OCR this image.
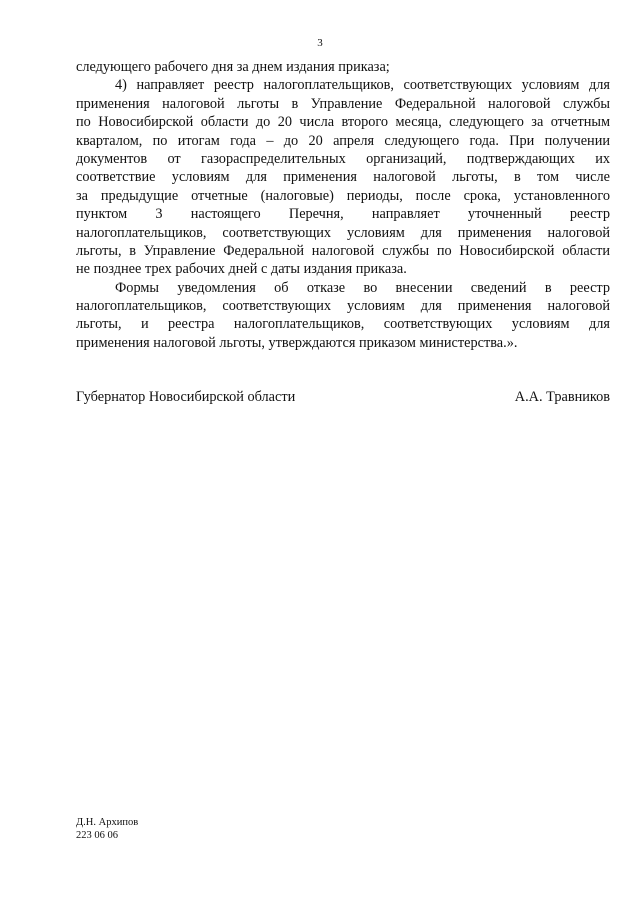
3
следующего рабочего дня за днем издания приказа;
4) направляет реестр налогоплательщиков, соответствующих условиям для
применения налоговой льготы в Управление Федеральной налоговой службы
по Новосибирской области до 20 числа второго месяца, следующего за отчетным
кварталом, по итогам года – до 20 апреля следующего года. При получении
документов от газораспределительных организаций, подтверждающих их
соответствие условиям для применения налоговой льготы, в том числе
за предыдущие отчетные (налоговые) периоды, после срока, установленного
пунктом 3 настоящего Перечня, направляет уточненный реестр
налогоплательщиков, соответствующих условиям для применения налоговой
льготы, в Управление Федеральной налоговой службы по Новосибирской области
не позднее трех рабочих дней с даты издания приказа.
Формы уведомления об отказе во внесении сведений в реестр
налогоплательщиков, соответствующих условиям для применения налоговой
льготы, и реестра налогоплательщиков, соответствующих условиям для
применения налоговой льготы, утверждаются приказом министерства.».
Губернатор Новосибирской области	А.А. Травников
Д.Н. Архипов
223 06 06
